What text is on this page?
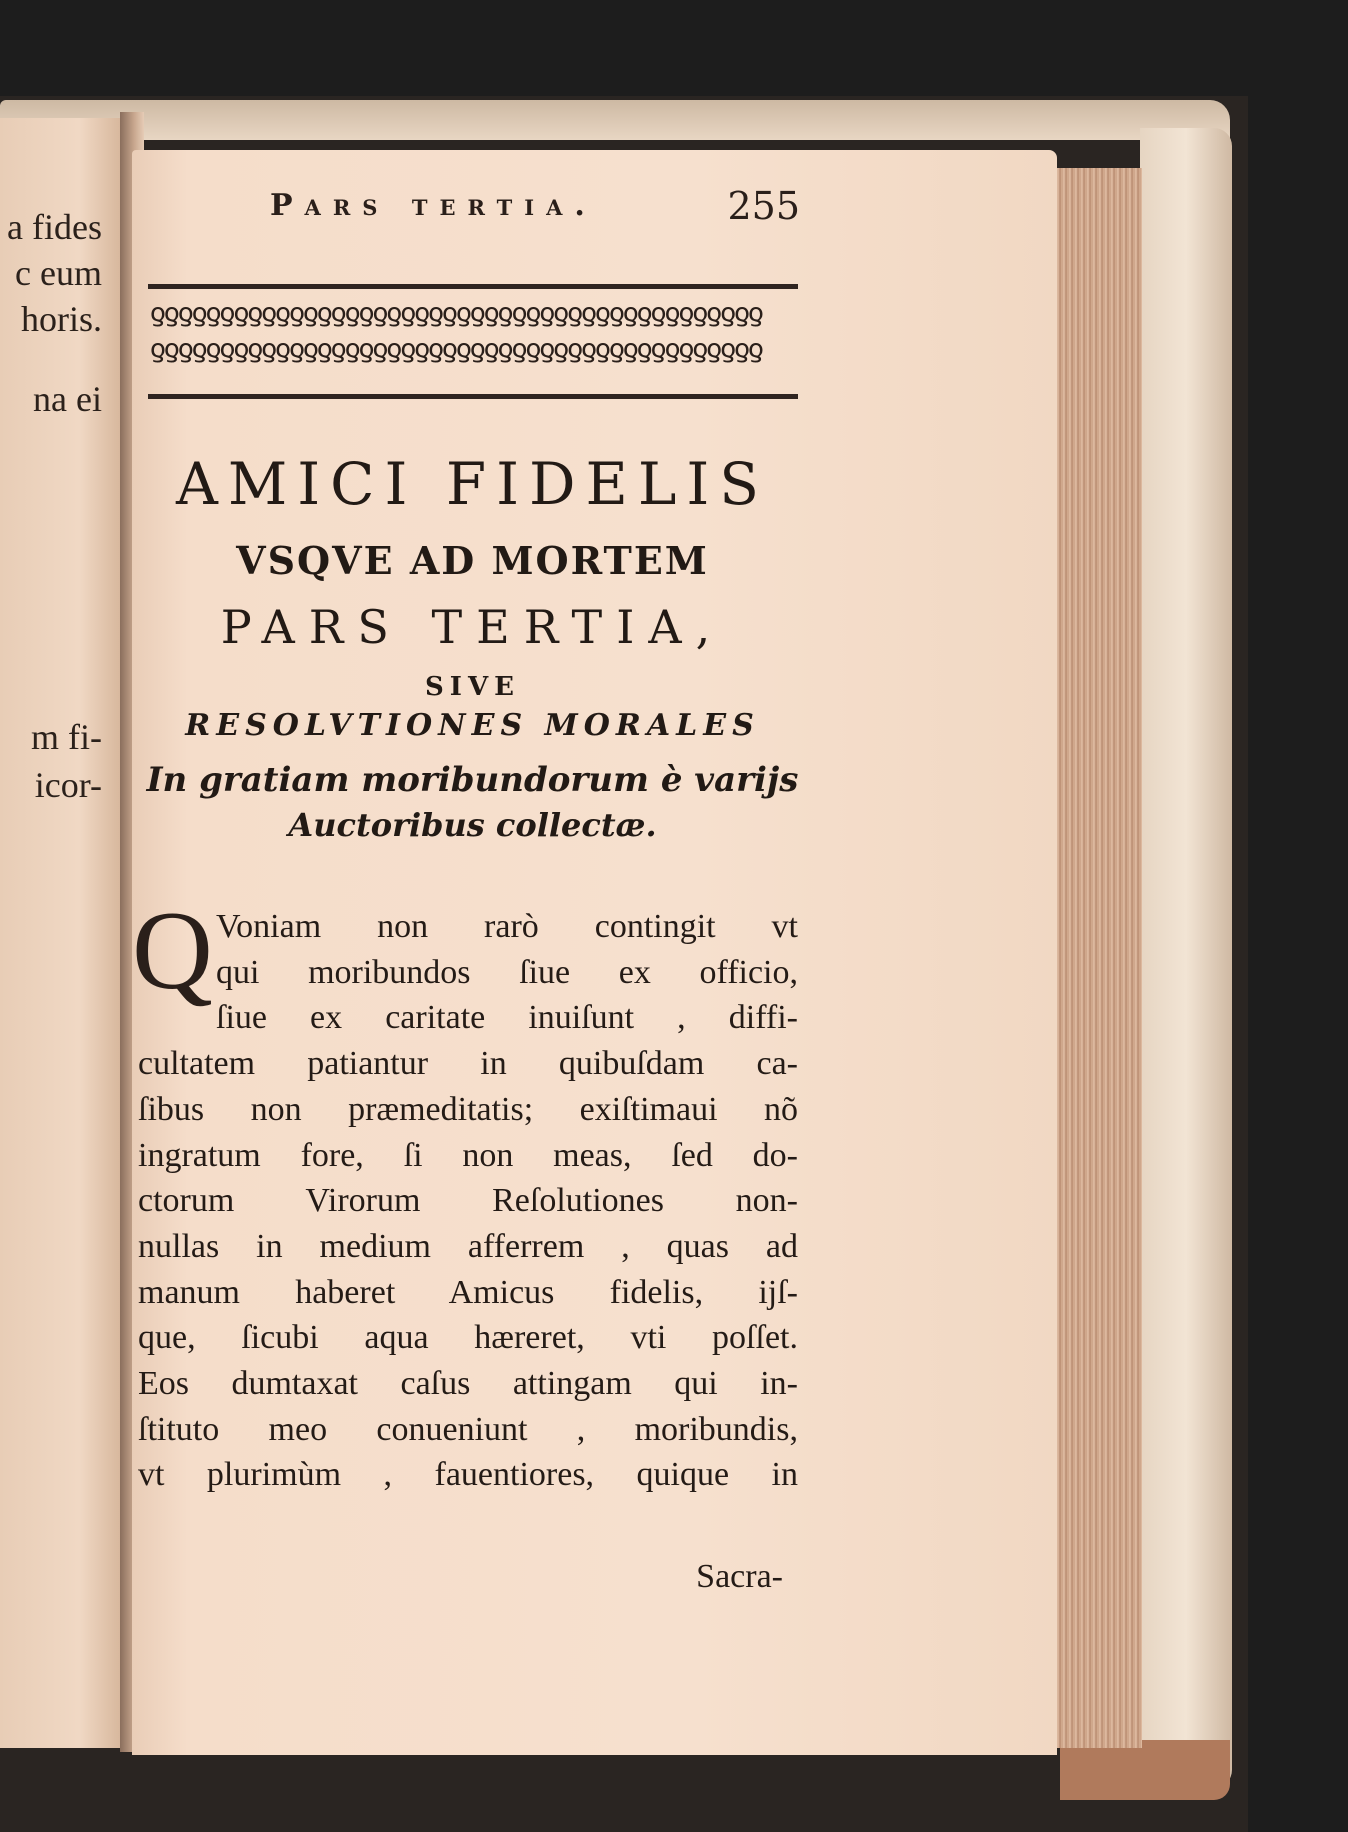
a fides
c eum
horis.
na ei
m fi-
icor-
Pars tertia.	255
ƍƍƍƍƍƍƍƍƍƍƍƍƍƍƍƍƍƍƍƍƍƍƍƍƍƍƍƍƍƍƍƍƍƍƍƍƍƍƍƍƍƍƍƍ
ƍƍƍƍƍƍƍƍƍƍƍƍƍƍƍƍƍƍƍƍƍƍƍƍƍƍƍƍƍƍƍƍƍƍƍƍƍƍƍƍƍƍƍƍ
AMICI FIDELIS
VSQVE AD MORTEM
PARS TERTIA,
SIVE
RESOLVTIONES MORALES
In gratiam moribundorum è varijs
Auctoribus collectæ.
Q Voniam non rarò contingit vt
qui moribundos ſiue ex officio,
ſiue ex caritate inuiſunt , diffi-
cultatem patiantur in quibuſdam ca-
ſibus non præmeditatis; exiſtimaui nõ
ingratum fore, ſi non meas, ſed do-
ctorum Virorum Reſolutiones non-
nullas in medium afferrem , quas ad
manum haberet Amicus fidelis, ijſ-
que, ſicubi aqua hæreret, vti poſſet.
Eos dumtaxat caſus attingam qui in-
ſtituto meo conueniunt , moribundis,
vt plurimùm , fauentiores, quique in
Sacra-
